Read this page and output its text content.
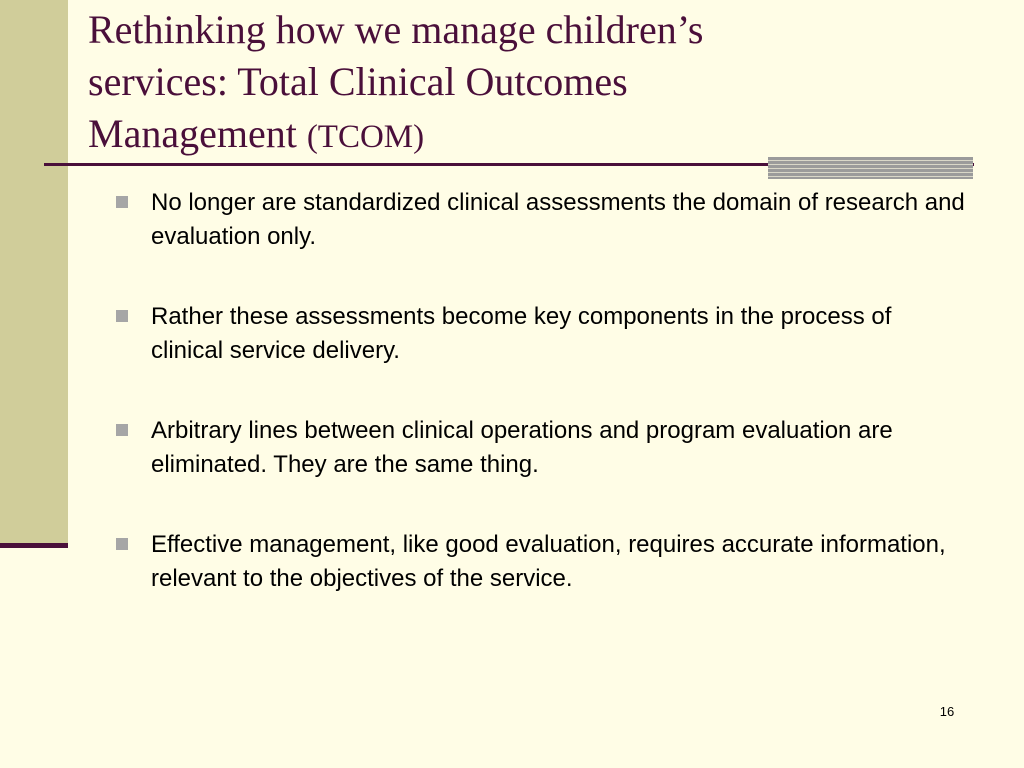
Rethinking how we manage children’s
services: Total Clinical Outcomes
Management (TCOM)
No longer are standardized clinical assessments the domain of research and evaluation only.
Rather these assessments become key components in the process of clinical service delivery.
Arbitrary lines between clinical operations and program evaluation are eliminated. They are the same thing.
Effective management, like good evaluation, requires accurate information, relevant to the objectives of the service.
16
